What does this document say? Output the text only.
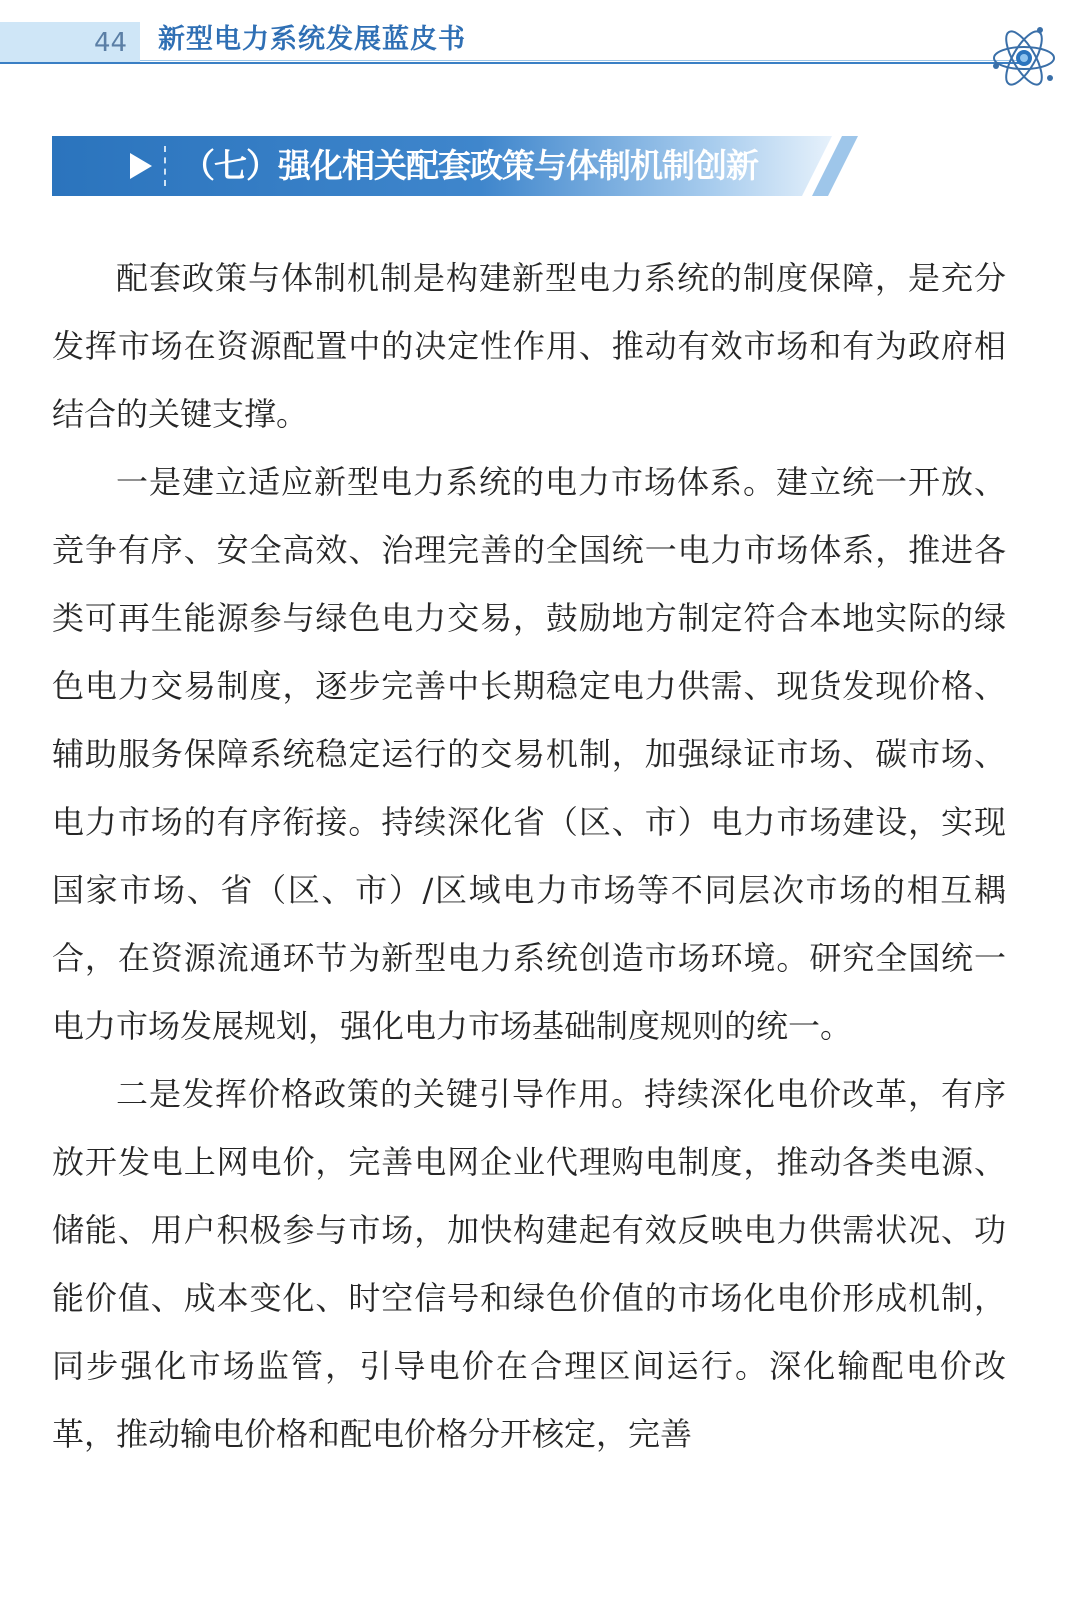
44 新型电力系统发展蓝皮书
（七）强化相关配套政策与体制机制创新

配套政策与体制机制是构建新型电力系统的制度保障，是充分发挥市场在资源配置中的决定性作用、推动有效市场和有为政府相结合的关键支撑。

一是建立适应新型电力系统的电力市场体系。建立统一开放、竞争有序、安全高效、治理完善的全国统一电力市场体系，推进各类可再生能源参与绿色电力交易，鼓励地方制定符合本地实际的绿色电力交易制度，逐步完善中长期稳定电力供需、现货发现价格、辅助服务保障系统稳定运行的交易机制，加强绿证市场、碳市场、电力市场的有序衔接。持续深化省（区、市）电力市场建设，实现国家市场、省（区、市）/区域电力市场等不同层次市场的相互耦合，在资源流通环节为新型电力系统创造市场环境。研究全国统一电力市场发展规划，强化电力市场基础制度规则的统一。

二是发挥价格政策的关键引导作用。持续深化电价改革，有序放开发电上网电价，完善电网企业代理购电制度，推动各类电源、储能、用户积极参与市场，加快构建起有效反映电力供需状况、功能价值、成本变化、时空信号和绿色价值的市场化电价形成机制，同步强化市场监管，引导电价在合理区间运行。深化输配电价改革，推动输电价格和配电价格分开核定，完善
